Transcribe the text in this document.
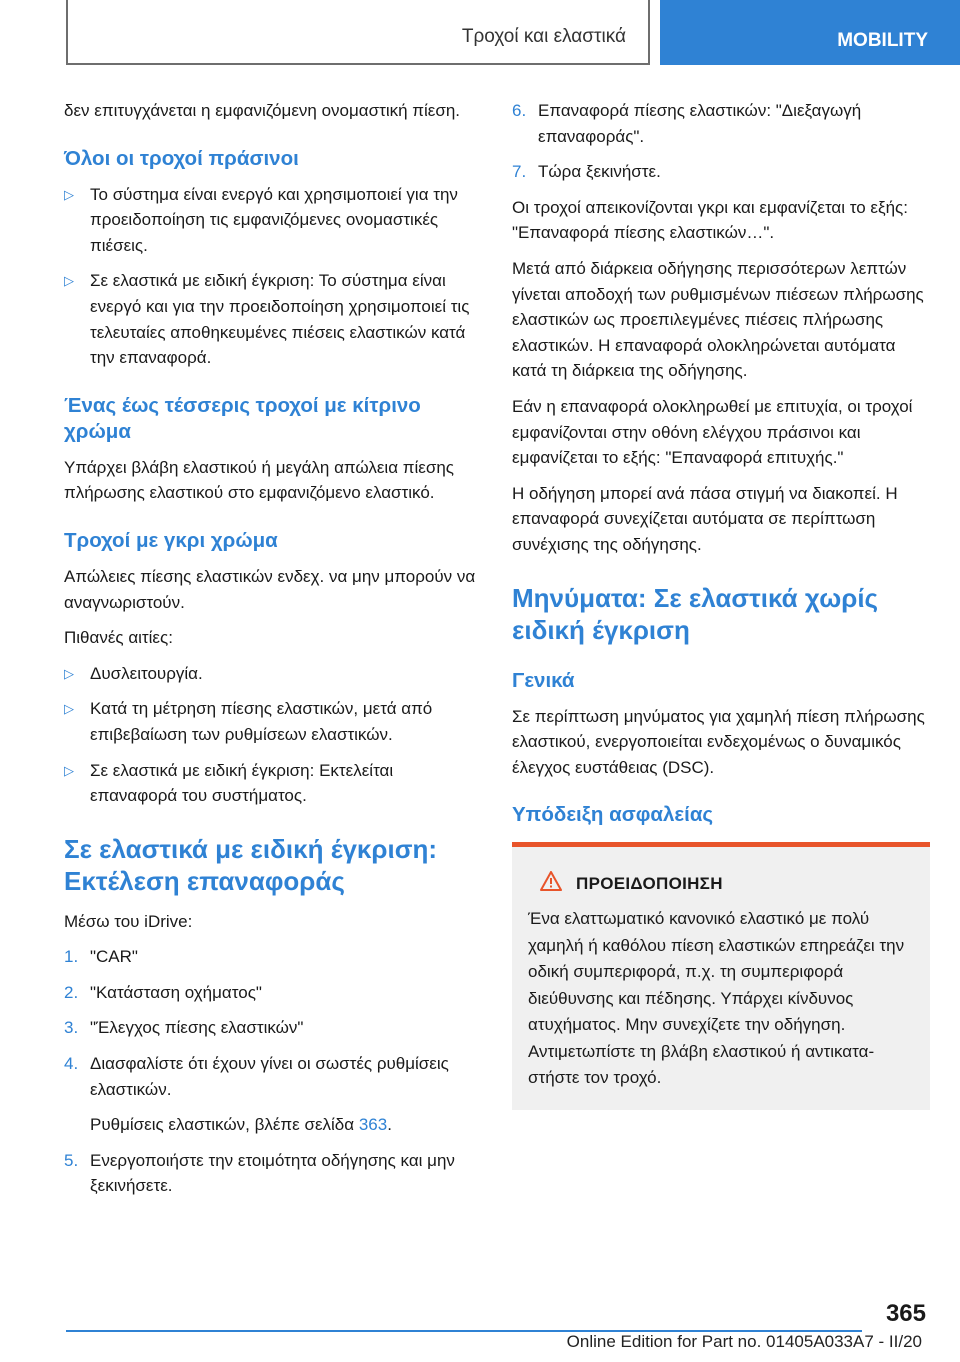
Τροχοί και ελαστικά	MOBILITY

δεν επιτυγχάνεται η εμφανιζόμενη ονομαστική πίεση.

Όλοι οι τροχοί πράσινοι
▷ Το σύστημα είναι ενεργό και χρησιμοποιεί για την προειδοποίηση τις εμφανιζόμενες ονομαστικές πιέσεις.
▷ Σε ελαστικά με ειδική έγκριση: Το σύστημα είναι ενεργό και για την προειδοποίηση χρησιμοποιεί τις τελευταίες αποθηκευμένες πιέσεις ελαστικών κατά την επαναφορά.
Ένας έως τέσσερις τροχοί με κίτρινο χρώμα

Υπάρχει βλάβη ελαστικού ή μεγάλη απώλεια πίεσης πλήρωσης ελαστικού στο εμφανιζόμενο ελαστικό.

Τροχοί με γκρι χρώμα

Απώλειες πίεσης ελαστικών ενδεχ. να μην μπορούν να αναγνωριστούν.

Πιθανές αιτίες:

▷ Δυσλειτουργία.
▷ Κατά τη μέτρηση πίεσης ελαστικών, μετά από επιβεβαίωση των ρυθμίσεων ελαστικών.
▷ Σε ελαστικά με ειδική έγκριση: Εκτελείται επαναφορά του συστήματος.
Σε ελαστικά με ειδική έγκριση: Εκτέλεση επαναφοράς

Μέσω του iDrive:

1. "CAR"
2. "Κατάσταση οχήματος"
3. "Έλεγχος πίεσης ελαστικών"
4. Διασφαλίστε ότι έχουν γίνει οι σωστές ρυθμίσεις ελαστικών.

Ρυθμίσεις ελαστικών, βλέπε σελίδα 363.

5. Ενεργοποιήστε την ετοιμότητα οδήγησης και μην ξεκινήσετε.
6. Επαναφορά πίεσης ελαστικών: "Διεξαγωγή επαναφοράς".
7. Τώρα ξεκινήστε.

Οι τροχοί απεικονίζονται γκρι και εμφανίζεται το εξής: "Επαναφορά πίεσης ελαστικών…".

Μετά από διάρκεια οδήγησης περισσότερων λεπτών γίνεται αποδοχή των ρυθμισμένων πιέσεων πλήρωσης ελαστικών ως προεπιλεγμένες πιέσεις πλήρωσης ελαστικών. Η επαναφορά ολοκληρώνεται αυτόματα κατά τη διάρκεια της οδήγησης.

Εάν η επαναφορά ολοκληρωθεί με επιτυχία, οι τροχοί εμφανίζονται στην οθόνη ελέγχου πράσινοι και εμφανίζεται το εξής: "Επαναφορά επιτυχής."

Η οδήγηση μπορεί ανά πάσα στιγμή να διακοπεί. Η επαναφορά συνεχίζεται αυτόματα σε περίπτωση συνέχισης της οδήγησης.

Μηνύματα: Σε ελαστικά χωρίς ειδική έγκριση
Γενικά

Σε περίπτωση μηνύματος για χαμηλή πίεση πλήρωσης ελαστικού, ενεργοποιείται ενδεχομένως ο δυναμικός έλεγχος ευστάθειας (DSC).

Υπόδειξη ασφαλείας
ΠΡΟΕΙΔΟΠΟΙΗΣΗ

Ένα ελαττωματικό κανονικό ελαστικό με πολύ χαμηλή ή καθόλου πίεση ελαστικών επηρεάζει την οδική συμπεριφορά, π.χ. τη συμπεριφορά διεύθυνσης και πέδησης. Υπάρχει κίνδυνος ατυχήματος. Μην συνεχίζετε την οδήγηση. Αντιμετωπίστε τη βλάβη ελαστικού ή αντικαταστήστε τον τροχό.

365
Online Edition for Part no. 01405A033A7 - II/20
